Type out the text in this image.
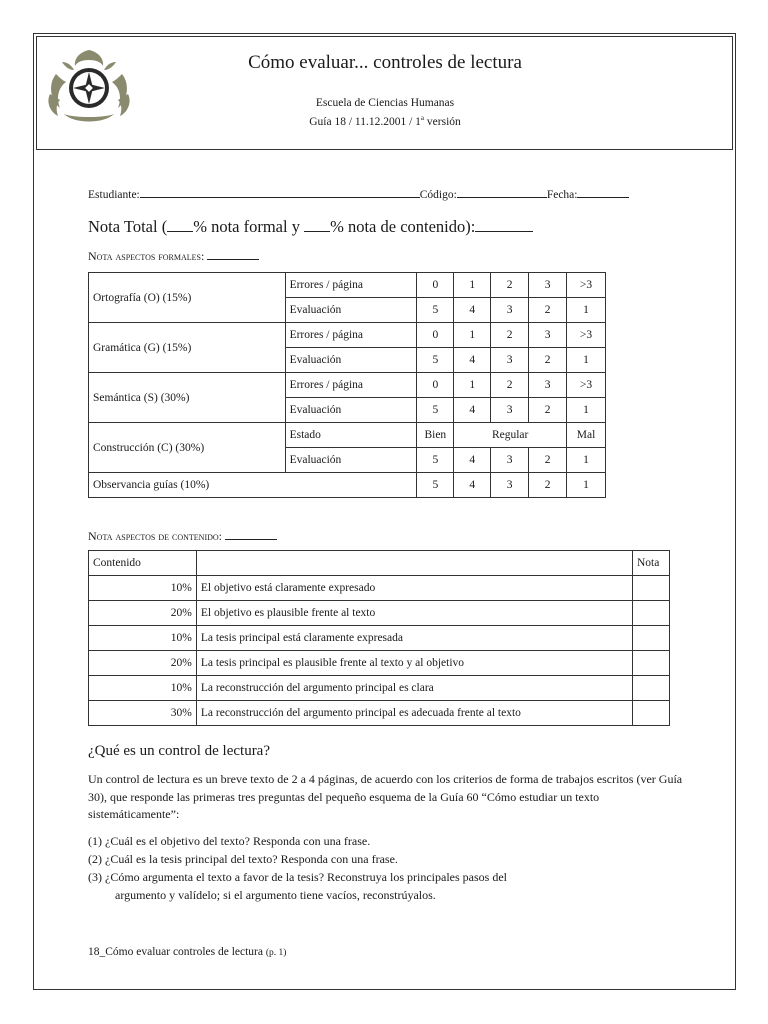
Cómo evaluar... controles de lectura
Escuela de Ciencias Humanas
Guía 18 / 11.12.2001 / 1$^a$ versión
Estudiante:	Código:	Fecha:
Nota Total ( % nota formal y % nota de contenido):
Nota aspectos formales:
Ortografía (O) (15%)	Errores / página	0	1	2	3	>3
	Evaluación	5	4	3	2	1
Gramática (G) (15%)	Errores / página	0	1	2	3	>3
	Evaluación	5	4	3	2	1
Semántica (S) (30%)	Errores / página	0	1	2	3	>3
	Evaluación	5	4	3	2	1
Construcción (C) (30%)	Estado	Bien	Regular			Mal
	Evaluación	5	4	3	2	1
Observancia guías (10%)		5	4	3	2	1
Nota aspectos de contenido:
Contenido		Nota
10%	El objetivo está claramente expresado	
20%	El objetivo es plausible frente al texto	
10%	La tesis principal está claramente expresada	
20%	La tesis principal es plausible frente al texto y al objetivo	
10%	La reconstrucción del argumento principal es clara	
30%	La reconstrucción del argumento principal es adecuada frente al texto	
¿Qué es un control de lectura?
Un control de lectura es un breve texto de 2 a 4 páginas, de acuerdo con los criterios de forma de trabajos escritos (ver Guía 30), que responde las primeras tres preguntas del pequeño esquema de la Guía 60 “Cómo estudiar un texto sistemáticamente”:
(1) ¿Cuál es el objetivo del texto? Responda con una frase.
(2) ¿Cuál es la tesis principal del texto? Responda con una frase.
(3) ¿Cómo argumenta el texto a favor de la tesis? Reconstruya los principales pasos del
argumento y valídelo; si el argumento tiene vacíos, reconstrúyalos.
18_Cómo evaluar controles de lectura (p. 1)
